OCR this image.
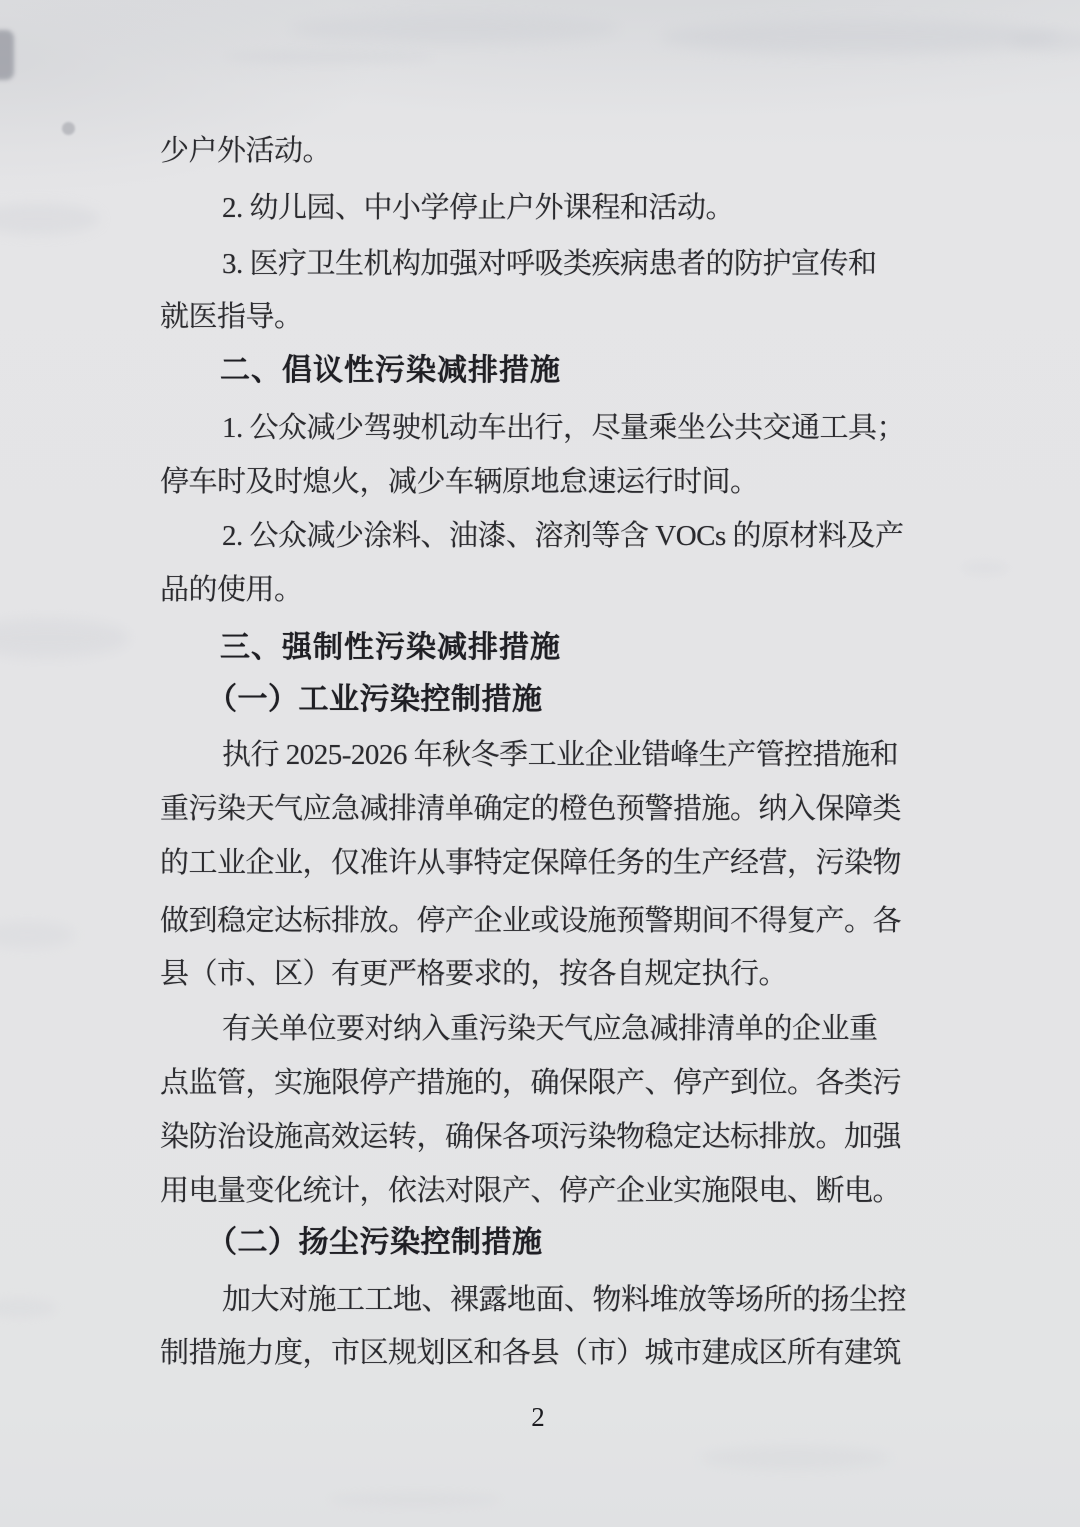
少户外活动。
2. 幼儿园、中小学停止户外课程和活动。
3. 医疗卫生机构加强对呼吸类疾病患者的防护宣传和
就医指导。
二、倡议性污染减排措施
1. 公众减少驾驶机动车出行，尽量乘坐公共交通工具；
停车时及时熄火，减少车辆原地怠速运行时间。
2. 公众减少涂料、油漆、溶剂等含 VOCs 的原材料及产
品的使用。
三、强制性污染减排措施
（一）工业污染控制措施
执行 2025-2026 年秋冬季工业企业错峰生产管控措施和
重污染天气应急减排清单确定的橙色预警措施。纳入保障类
的工业企业，仅准许从事特定保障任务的生产经营，污染物
做到稳定达标排放。停产企业或设施预警期间不得复产。各
县（市、区）有更严格要求的，按各自规定执行。
有关单位要对纳入重污染天气应急减排清单的企业重
点监管，实施限停产措施的，确保限产、停产到位。各类污
染防治设施高效运转，确保各项污染物稳定达标排放。加强
用电量变化统计，依法对限产、停产企业实施限电、断电。
（二）扬尘污染控制措施
加大对施工工地、裸露地面、物料堆放等场所的扬尘控
制措施力度，市区规划区和各县（市）城市建成区所有建筑
2
